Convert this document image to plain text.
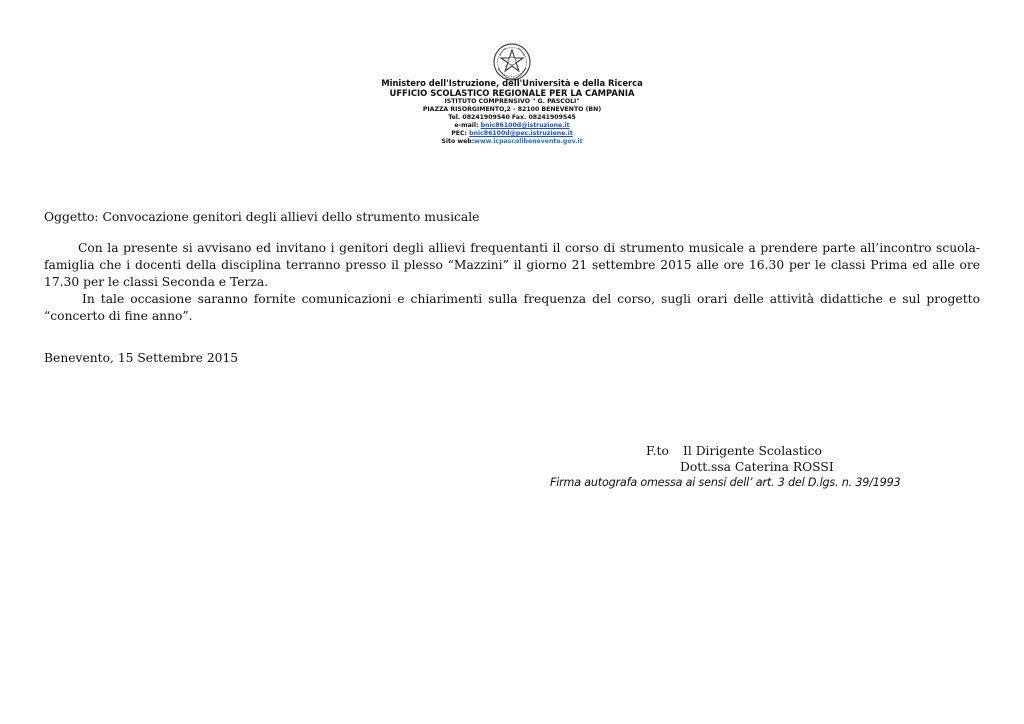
Ministero dell'Istruzione, dell'Università e della Ricerca
UFFICIO SCOLASTICO REGIONALE PER LA CAMPANIA
ISTITUTO COMPRENSIVO " G. PASCOLI"
PIAZZA RISORGIMENTO,2 - 82100 BENEVENTO (BN)
Tel. 08241909540 Fax. 08241909545
e-mail: bnic86100d@istruzione.it
PEC: bnic86100d@pec.istruzione.it
Sito web:www.icpascolibenevento.gov.it
Oggetto: Convocazione genitori degli allievi dello strumento musicale

Con la presente si avvisano ed invitano i genitori degli allievi frequentanti il corso di strumento musicale a prendere parte all’incontro scuola-famiglia che i docenti della disciplina terranno presso il plesso “Mazzini” il giorno 21 settembre 2015 alle ore 16.30 per le classi Prima ed alle ore 17.30 per le classi Seconda e Terza.

In tale occasione saranno fornite comunicazioni e chiarimenti sulla frequenza del corso, sugli orari delle attività didattiche e sul progetto “concerto di fine anno”.

Benevento, 15 Settembre 2015
F.to Il Dirigente Scolastico
Dott.ssa Caterina ROSSI
Firma autografa omessa ai sensi dell’ art. 3 del D.lgs. n. 39/1993
